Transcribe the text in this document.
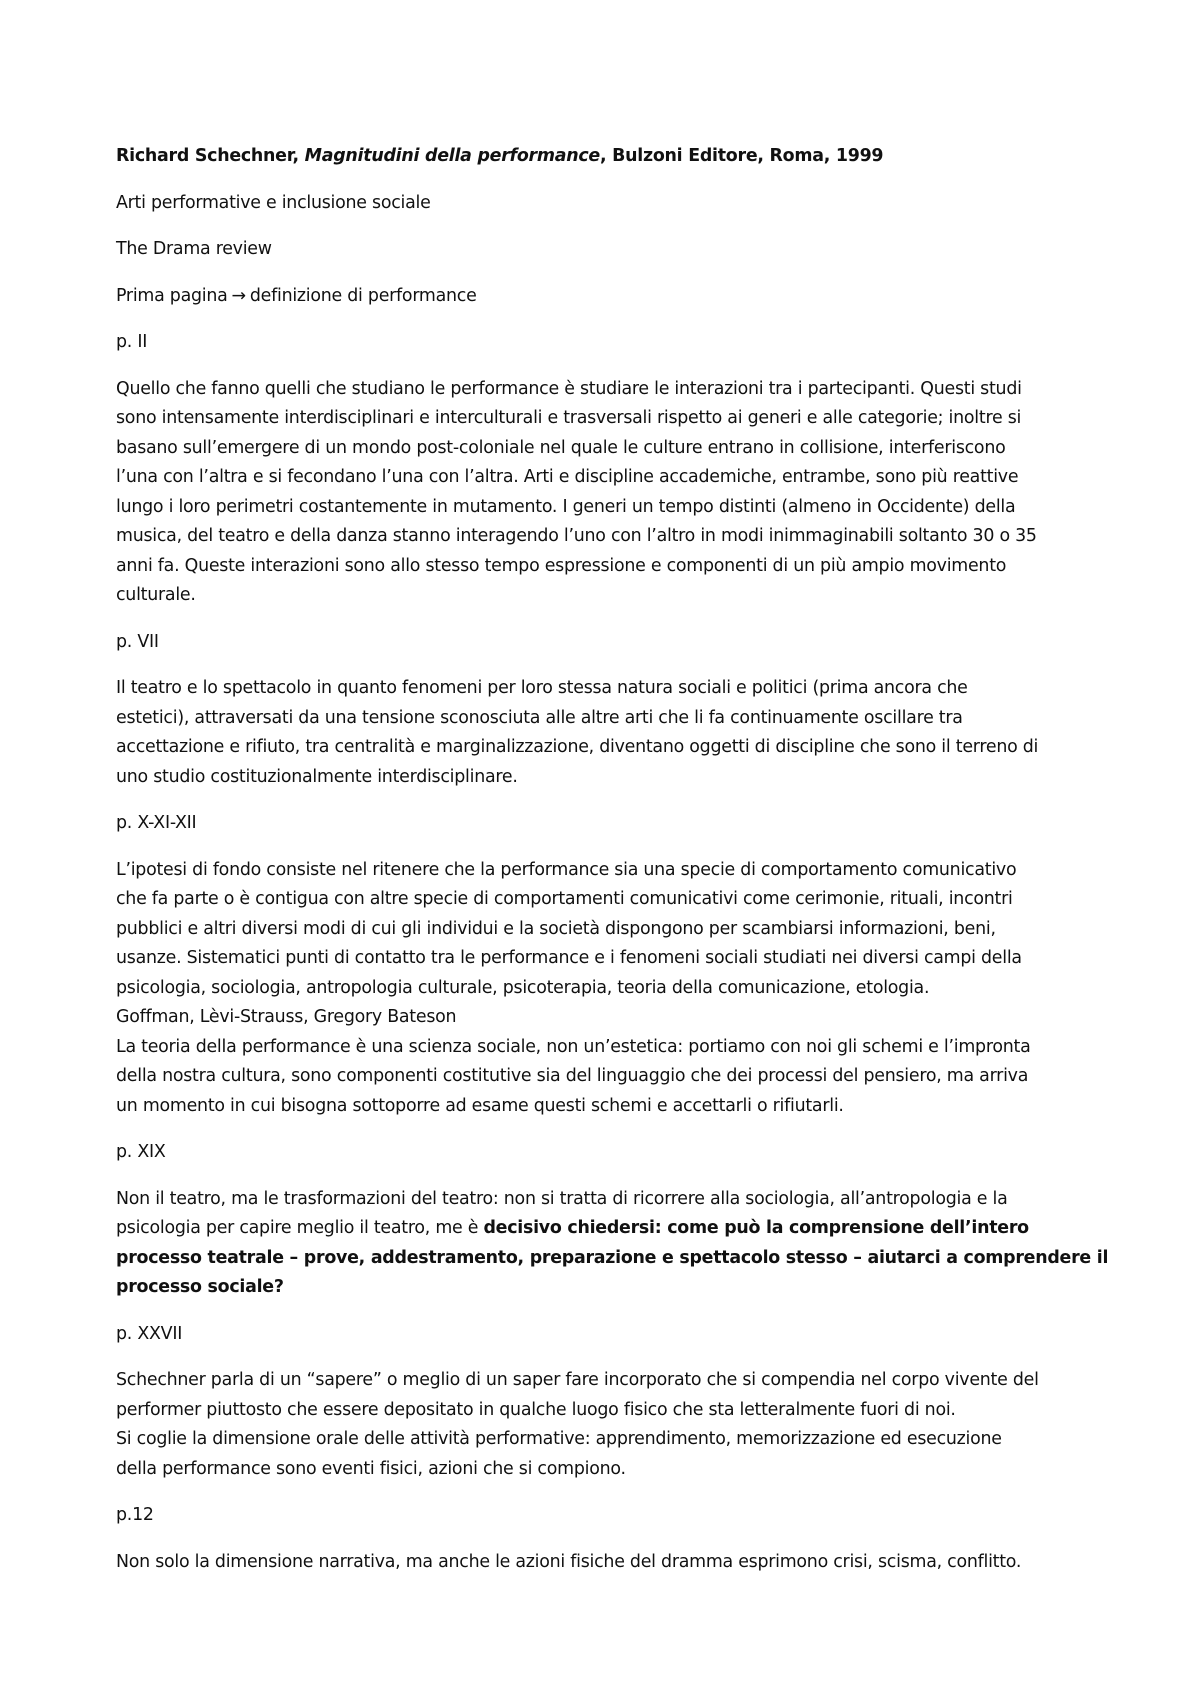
Richard Schechner, Magnitudini della performance, Bulzoni Editore, Roma, 1999

Arti performative e inclusione sociale

The Drama review

Prima pagina → definizione di performance

p. II

Quello che fanno quelli che studiano le performance è studiare le interazioni tra i partecipanti. Questi studi
sono intensamente interdisciplinari e interculturali e trasversali rispetto ai generi e alle categorie; inoltre si
basano sull’emergere di un mondo post-coloniale nel quale le culture entrano in collisione, interferiscono
l’una con l’altra e si fecondano l’una con l’altra. Arti e discipline accademiche, entrambe, sono più reattive
lungo i loro perimetri costantemente in mutamento. I generi un tempo distinti (almeno in Occidente) della
musica, del teatro e della danza stanno interagendo l’uno con l’altro in modi inimmaginabili soltanto 30 o 35
anni fa. Queste interazioni sono allo stesso tempo espressione e componenti di un più ampio movimento
culturale.

p. VII

Il teatro e lo spettacolo in quanto fenomeni per loro stessa natura sociali e politici (prima ancora che
estetici), attraversati da una tensione sconosciuta alle altre arti che li fa continuamente oscillare tra
accettazione e rifiuto, tra centralità e marginalizzazione, diventano oggetti di discipline che sono il terreno di
uno studio costituzionalmente interdisciplinare.

p. X-XI-XII

L’ipotesi di fondo consiste nel ritenere che la performance sia una specie di comportamento comunicativo
che fa parte o è contigua con altre specie di comportamenti comunicativi come cerimonie, rituali, incontri
pubblici e altri diversi modi di cui gli individui e la società dispongono per scambiarsi informazioni, beni,
usanze. Sistematici punti di contatto tra le performance e i fenomeni sociali studiati nei diversi campi della
psicologia, sociologia, antropologia culturale, psicoterapia, teoria della comunicazione, etologia.
Goffman, Lèvi-Strauss, Gregory Bateson
La teoria della performance è una scienza sociale, non un’estetica: portiamo con noi gli schemi e l’impronta
della nostra cultura, sono componenti costitutive sia del linguaggio che dei processi del pensiero, ma arriva
un momento in cui bisogna sottoporre ad esame questi schemi e accettarli o rifiutarli.

p. XIX

Non il teatro, ma le trasformazioni del teatro: non si tratta di ricorrere alla sociologia, all’antropologia e la
psicologia per capire meglio il teatro, me è decisivo chiedersi: come può la comprensione dell’intero
processo teatrale – prove, addestramento, preparazione e spettacolo stesso – aiutarci a comprendere il
processo sociale?

p. XXVII

Schechner parla di un “sapere” o meglio di un saper fare incorporato che si compendia nel corpo vivente del
performer piuttosto che essere depositato in qualche luogo fisico che sta letteralmente fuori di noi.
Si coglie la dimensione orale delle attività performative: apprendimento, memorizzazione ed esecuzione
della performance sono eventi fisici, azioni che si compiono.

p.12

Non solo la dimensione narrativa, ma anche le azioni fisiche del dramma esprimono crisi, scisma, conflitto.
